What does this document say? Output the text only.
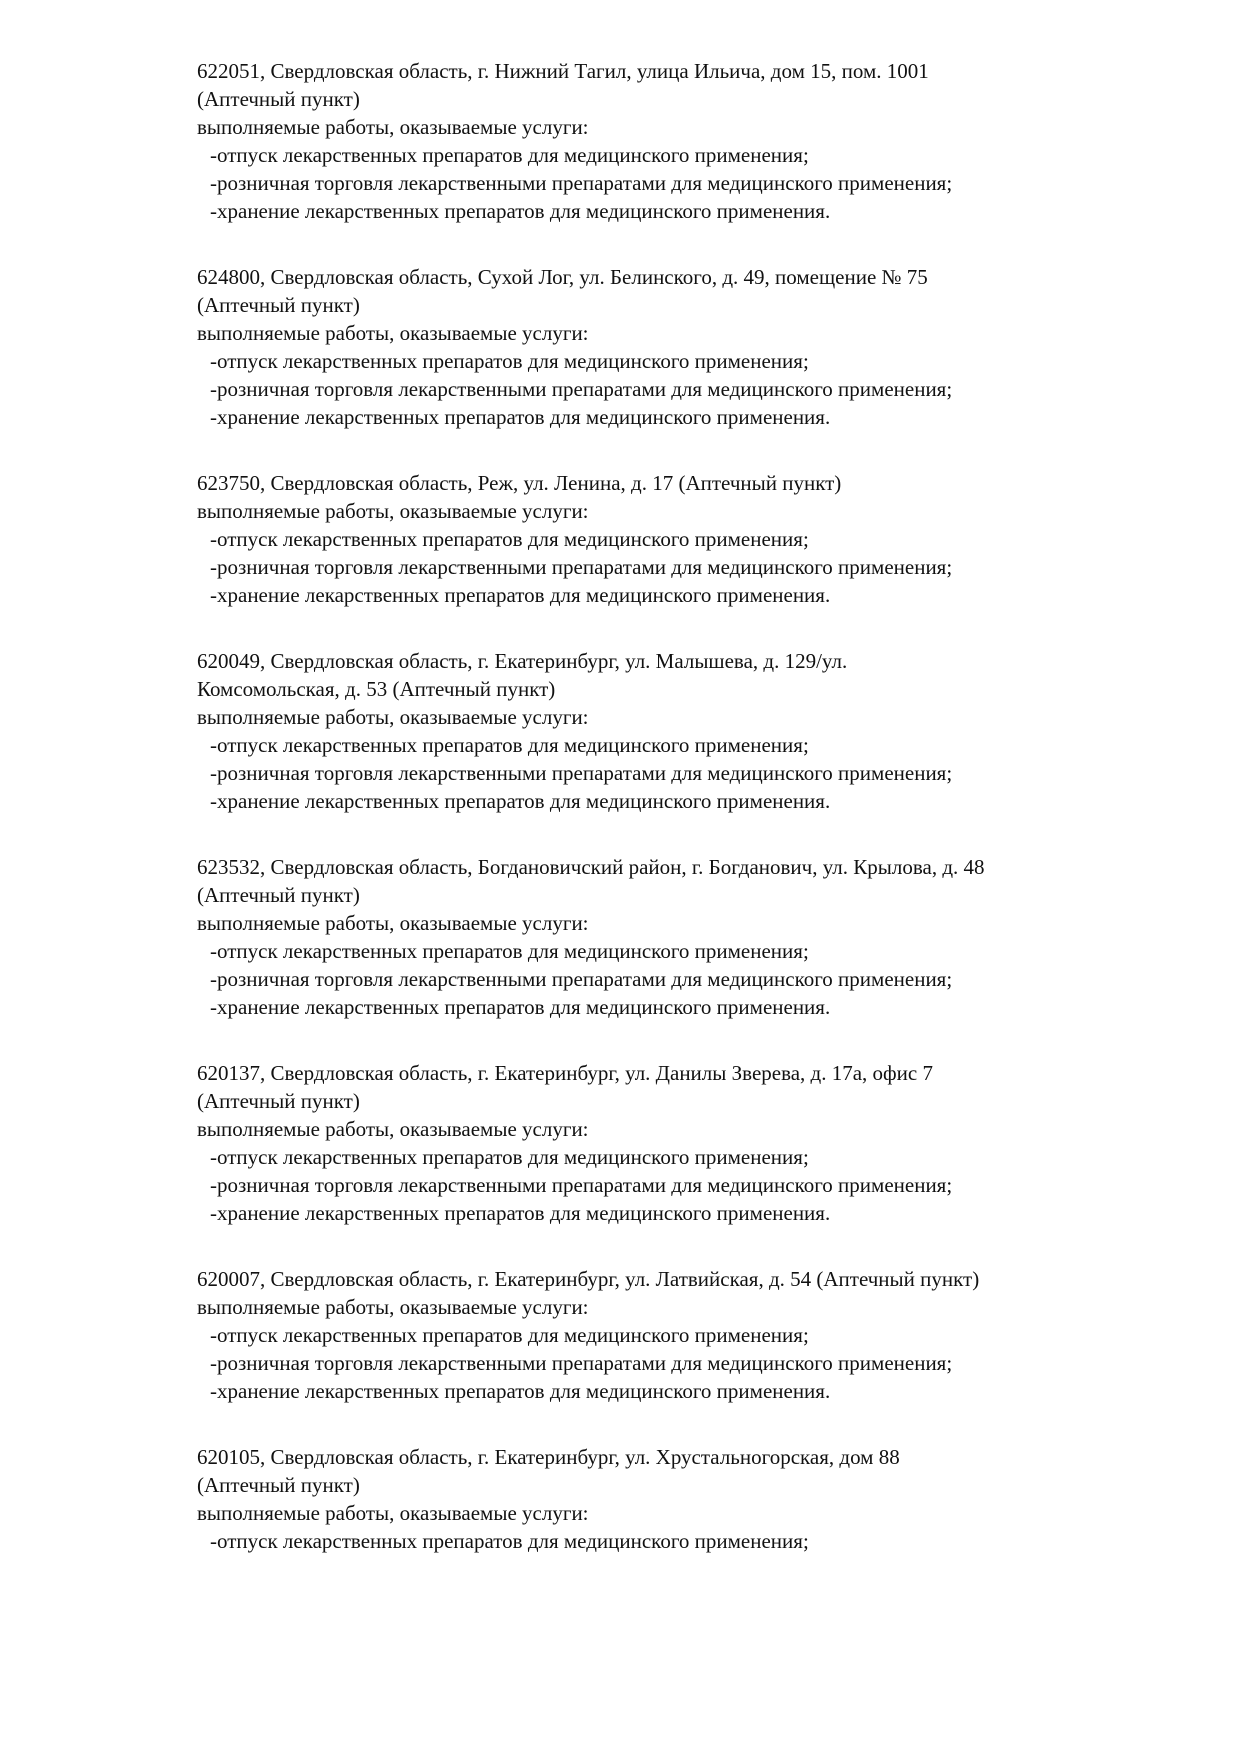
622051, Свердловская область, г. Нижний Тагил, улица Ильича, дом 15, пом. 1001
(Аптечный пункт)
выполняемые работы, оказываемые услуги:
-отпуск лекарственных препаратов для медицинского применения;
-розничная торговля лекарственными препаратами для медицинского применения;
-хранение лекарственных препаратов для медицинского применения.
624800, Свердловская область, Сухой Лог, ул. Белинского, д. 49, помещение № 75
(Аптечный пункт)
выполняемые работы, оказываемые услуги:
-отпуск лекарственных препаратов для медицинского применения;
-розничная торговля лекарственными препаратами для медицинского применения;
-хранение лекарственных препаратов для медицинского применения.
623750, Свердловская область, Реж, ул. Ленина, д. 17 (Аптечный пункт)
выполняемые работы, оказываемые услуги:
-отпуск лекарственных препаратов для медицинского применения;
-розничная торговля лекарственными препаратами для медицинского применения;
-хранение лекарственных препаратов для медицинского применения.
620049, Свердловская область, г. Екатеринбург, ул. Малышева, д. 129/ул.
Комсомольская, д. 53 (Аптечный пункт)
выполняемые работы, оказываемые услуги:
-отпуск лекарственных препаратов для медицинского применения;
-розничная торговля лекарственными препаратами для медицинского применения;
-хранение лекарственных препаратов для медицинского применения.
623532, Свердловская область, Богдановичский район, г. Богданович, ул. Крылова, д. 48
(Аптечный пункт)
выполняемые работы, оказываемые услуги:
-отпуск лекарственных препаратов для медицинского применения;
-розничная торговля лекарственными препаратами для медицинского применения;
-хранение лекарственных препаратов для медицинского применения.
620137, Свердловская область, г. Екатеринбург, ул. Данилы Зверева, д. 17а, офис 7
(Аптечный пункт)
выполняемые работы, оказываемые услуги:
-отпуск лекарственных препаратов для медицинского применения;
-розничная торговля лекарственными препаратами для медицинского применения;
-хранение лекарственных препаратов для медицинского применения.
620007, Свердловская область, г. Екатеринбург, ул. Латвийская, д. 54 (Аптечный пункт)
выполняемые работы, оказываемые услуги:
-отпуск лекарственных препаратов для медицинского применения;
-розничная торговля лекарственными препаратами для медицинского применения;
-хранение лекарственных препаратов для медицинского применения.
620105, Свердловская область, г. Екатеринбург, ул. Хрустальногорская, дом 88
(Аптечный пункт)
выполняемые работы, оказываемые услуги:
-отпуск лекарственных препаратов для медицинского применения;
